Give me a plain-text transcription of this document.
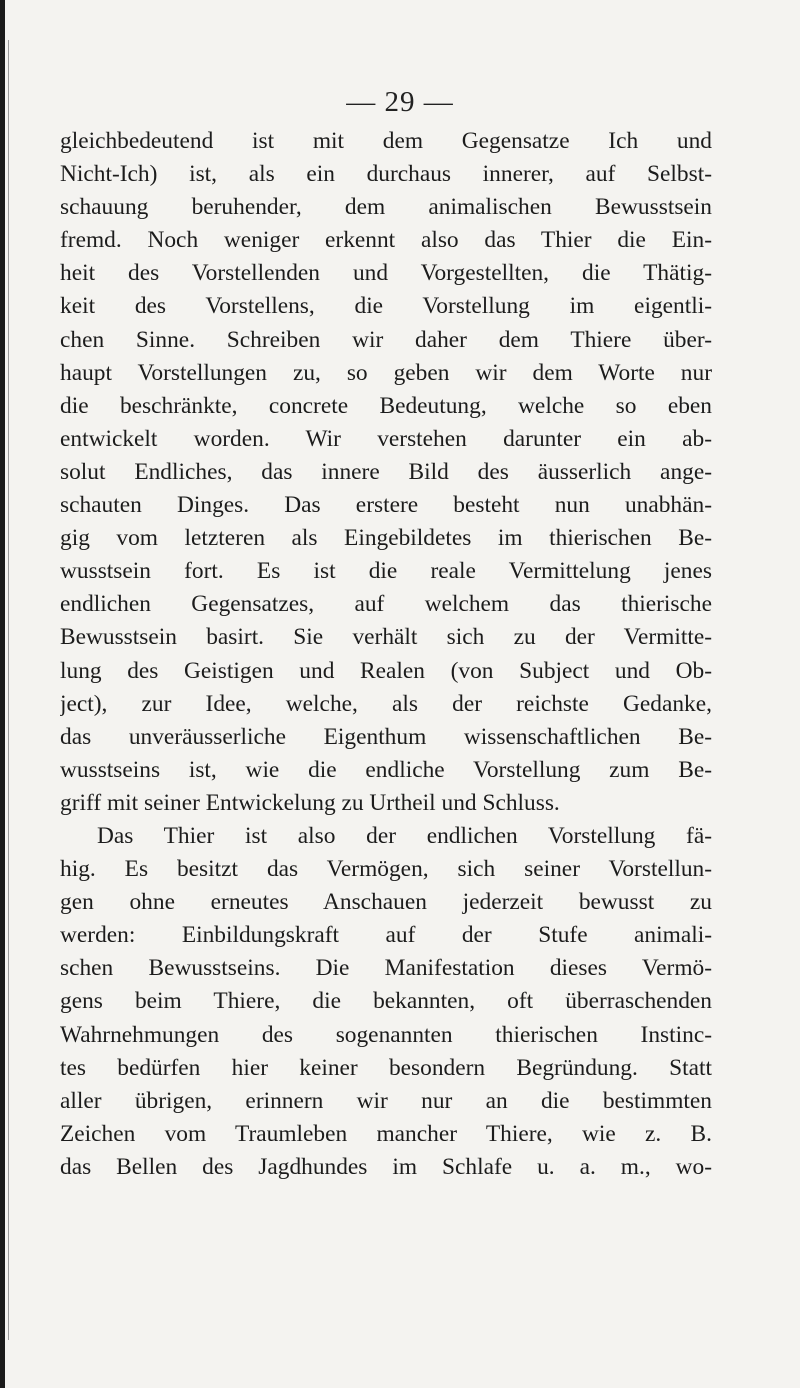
— 29 —
gleichbedeutend ist mit dem Gegensatze Ich und
Nicht-Ich) ist, als ein durchaus innerer, auf Selbst-
schauung beruhender, dem animalischen Bewusstsein
fremd. Noch weniger erkennt also das Thier die Ein-
heit des Vorstellenden und Vorgestellten, die Thätig-
keit des Vorstellens, die Vorstellung im eigentli-
chen Sinne. Schreiben wir daher dem Thiere über-
haupt Vorstellungen zu, so geben wir dem Worte nur
die beschränkte, concrete Bedeutung, welche so eben
entwickelt worden. Wir verstehen darunter ein ab-
solut Endliches, das innere Bild des äusserlich ange-
schauten Dinges. Das erstere besteht nun unabhän-
gig vom letzteren als Eingebildetes im thierischen Be-
wusstsein fort. Es ist die reale Vermittelung jenes
endlichen Gegensatzes, auf welchem das thierische
Bewusstsein basirt. Sie verhält sich zu der Vermitte-
lung des Geistigen und Realen (von Subject und Ob-
ject), zur Idee, welche, als der reichste Gedanke,
das unveräusserliche Eigenthum wissenschaftlichen Be-
wusstseins ist, wie die endliche Vorstellung zum Be-
griff mit seiner Entwickelung zu Urtheil und Schluss.
Das Thier ist also der endlichen Vorstellung fä-
hig. Es besitzt das Vermögen, sich seiner Vorstellun-
gen ohne erneutes Anschauen jederzeit bewusst zu
werden: Einbildungskraft auf der Stufe animali-
schen Bewusstseins. Die Manifestation dieses Vermö-
gens beim Thiere, die bekannten, oft überraschenden
Wahrnehmungen des sogenannten thierischen Instinc-
tes bedürfen hier keiner besondern Begründung. Statt
aller übrigen, erinnern wir nur an die bestimmten
Zeichen vom Traumleben mancher Thiere, wie z. B.
das Bellen des Jagdhundes im Schlafe u. a. m., wo-
